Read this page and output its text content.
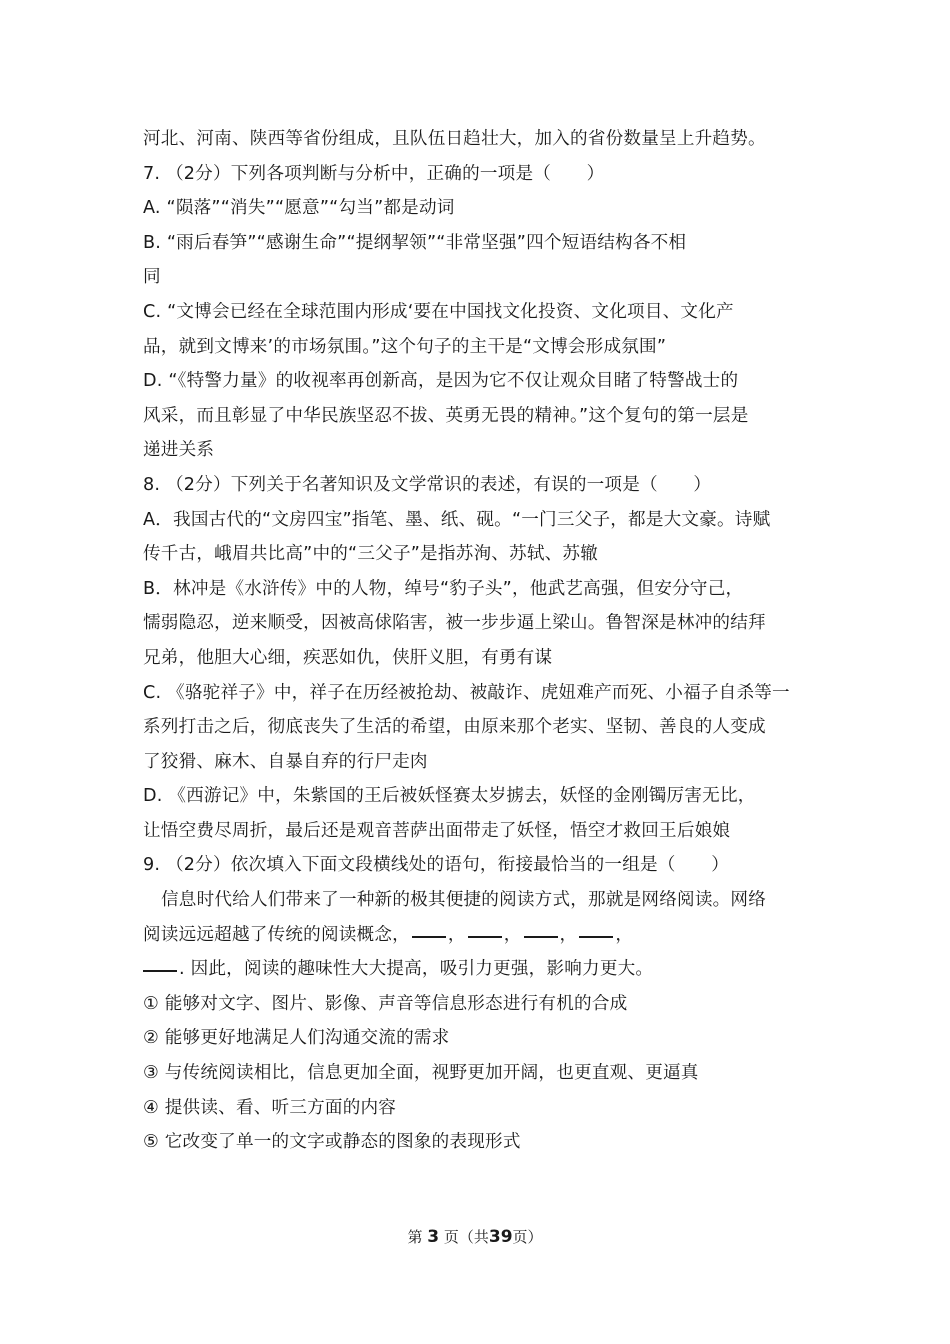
河北、河南、陕西等省份组成，且队伍日趋壮大，加入的省份数量呈上升趋势。
7. （2分）下列各项判断与分析中，正确的一项是（　　）
A. “陨落”“消失”“愿意”“勾当”都是动词
B. “雨后春笋”“感谢生命”“提纲挈领”“非常坚强”四个短语结构各不相
同
C. “文博会已经在全球范围内形成‘要在中国找文化投资、文化项目、文化产
品，就到文博来’的市场氛围。”这个句子的主干是“文博会形成氛围”
D. “《特警力量》的收视率再创新高，是因为它不仅让观众目睹了特警战士的
风采，而且彰显了中华民族坚忍不拔、英勇无畏的精神。”这个复句的第一层是
递进关系
8. （2分）下列关于名著知识及文学常识的表述，有误的一项是（　　）
A．我国古代的“文房四宝”指笔、墨、纸、砚。“一门三父子，都是大文豪。诗赋
传千古，峨眉共比高”中的“三父子”是指苏洵、苏轼、苏辙
B．林冲是《水浒传》中的人物，绰号“豹子头”，他武艺高强，但安分守己，
懦弱隐忍，逆来顺受，因被高俅陷害，被一步步逼上梁山。鲁智深是林冲的结拜
兄弟，他胆大心细，疾恶如仇，侠肝义胆，有勇有谋
C. 《骆驼祥子》中，祥子在历经被抢劫、被敲诈、虎妞难产而死、小福子自杀等一
系列打击之后，彻底丧失了生活的希望，由原来那个老实、坚韧、善良的人变成
了狡猾、麻木、自暴自弃的行尸走肉
D. 《西游记》中，朱紫国的王后被妖怪赛太岁掳去，妖怪的金刚镯厉害无比，
让悟空费尽周折，最后还是观音菩萨出面带走了妖怪，悟空才救回王后娘娘
9. （2分）依次填入下面文段横线处的语句，衔接最恰当的一组是（　　）
信息时代给人们带来了一种新的极其便捷的阅读方式，那就是网络阅读。网络
阅读远远超越了传统的阅读概念， ， ， ， ，
. 因此，阅读的趣味性大大提高，吸引力更强，影响力更大。
① 能够对文字、图片、影像、声音等信息形态进行有机的合成
② 能够更好地满足人们沟通交流的需求
③ 与传统阅读相比，信息更加全面，视野更加开阔，也更直观、更逼真
④ 提供读、看、听三方面的内容
⑤ 它改变了单一的文字或静态的图象的表现形式
第 3 页（共39页）
